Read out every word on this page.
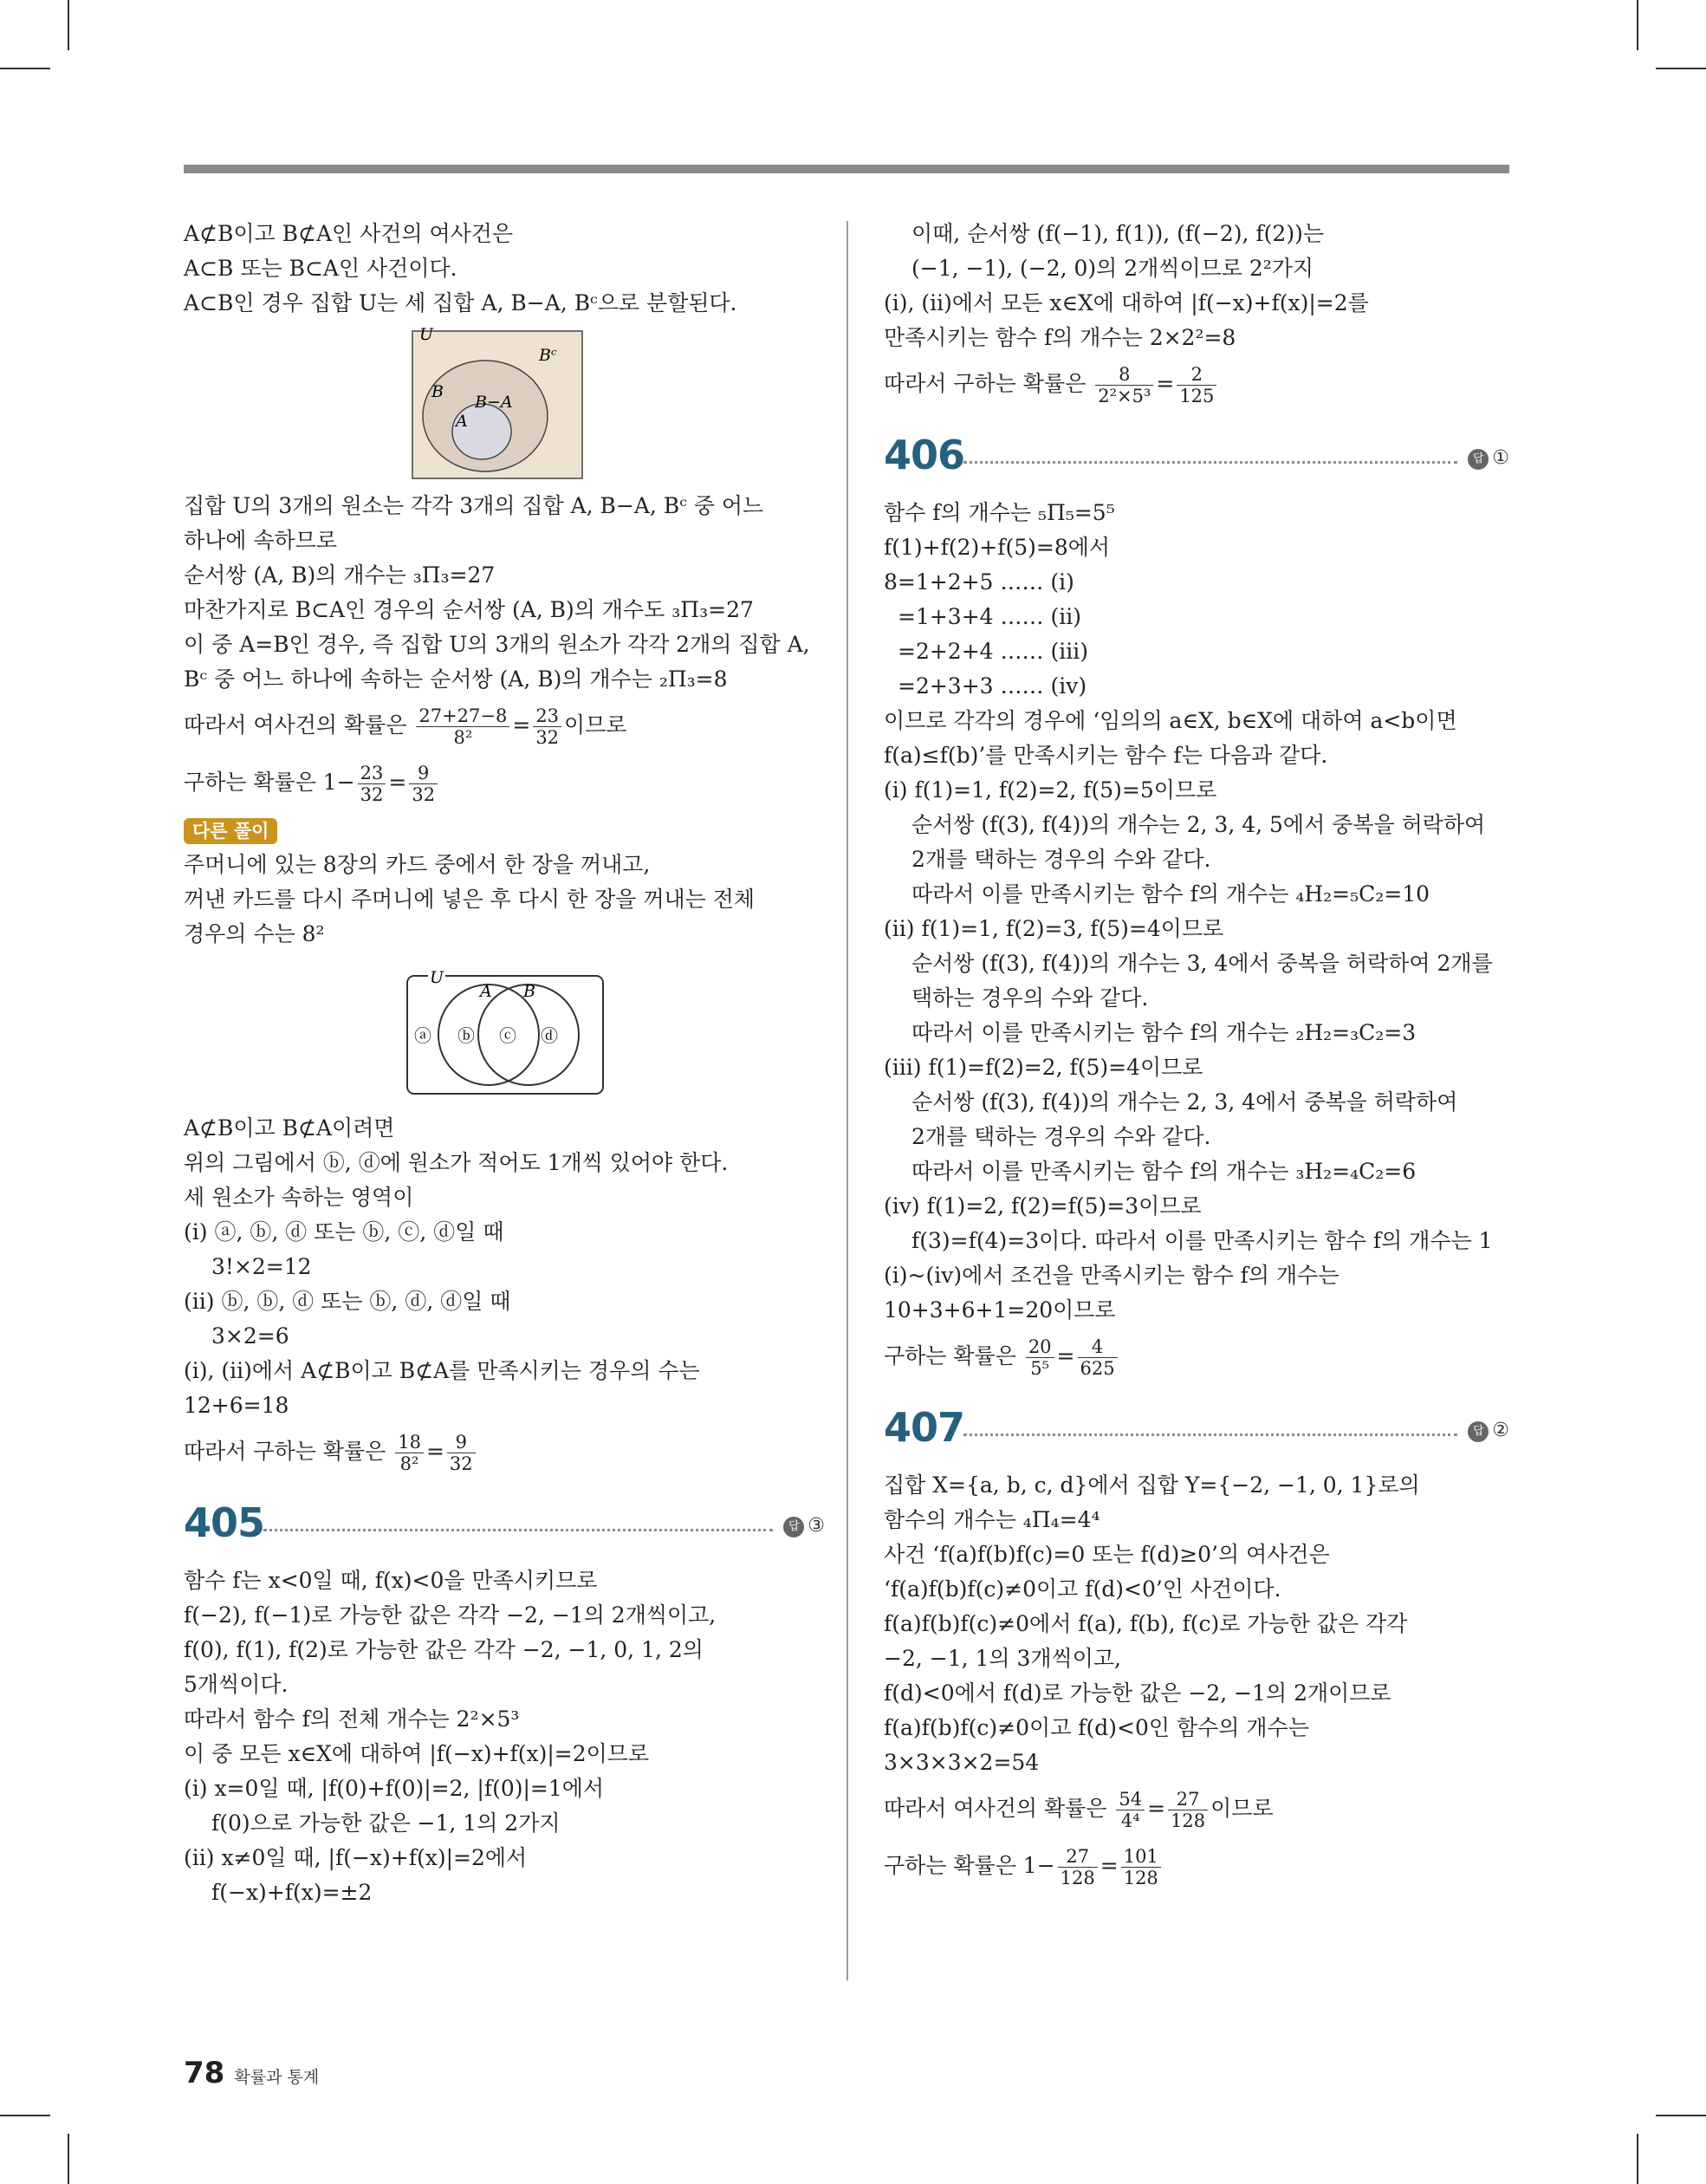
A⊄B이고 B⊄A인 사건의 여사건은
A⊂B 또는 B⊂A인 사건이다.
A⊂B인 경우 집합 U는 세 집합 A, B−A, Bᶜ으로 분할된다.
U
Bᶜ
B
B−A
A
집합 U의 3개의 원소는 각각 3개의 집합 A, B−A, Bᶜ 중 어느
하나에 속하므로
순서쌍 (A, B)의 개수는 ₃Π₃=27
마찬가지로 B⊂A인 경우의 순서쌍 (A, B)의 개수도 ₃Π₃=27
이 중 A=B인 경우, 즉 집합 U의 3개의 원소가 각각 2개의 집합 A,
Bᶜ 중 어느 하나에 속하는 순서쌍 (A, B)의 개수는 ₂Π₃=8
따라서 여사건의 확률은 $\frac{27+27-8}{\text{8²}} = \frac{23}{32}$ 이므로
구하는 확률은 $1- \frac{23}{32} = \frac{9}{32}$
다른 풀이
주머니에 있는 8장의 카드 중에서 한 장을 꺼내고,
꺼낸 카드를 다시 주머니에 넣은 후 다시 한 장을 꺼내는 전체
경우의 수는 8²
U
A B
ⓐ ⓑ ⓒ ⓓ
A⊄B이고 B⊄A이려면
위의 그림에서 ⓑ, ⓓ에 원소가 적어도 1개씩 있어야 한다.
세 원소가 속하는 영역이
(ⅰ) ⓐ, ⓑ, ⓓ 또는 ⓑ, ⓒ, ⓓ일 때
3!×2=12
(ⅱ) ⓑ, ⓑ, ⓓ 또는 ⓑ, ⓓ, ⓓ일 때
3×2=6
(ⅰ), (ⅱ)에서 A⊄B이고 B⊄A를 만족시키는 경우의 수는
12+6=18
따라서 구하는 확률은 $\frac{18}{\text{8²}} = \frac{9}{32}$
405	답 ③
함수 f는 x<0일 때, f(x)<0을 만족시키므로
f(−2), f(−1)로 가능한 값은 각각 −2, −1의 2개씩이고,
f(0), f(1), f(2)로 가능한 값은 각각 −2, −1, 0, 1, 2의
5개씩이다.
따라서 함수 f의 전체 개수는 2²×5³
이 중 모든 x∈X에 대하여 |f(−x)+f(x)|=2이므로
(ⅰ) x=0일 때, |f(0)+f(0)|=2, |f(0)|=1에서
f(0)으로 가능한 값은 −1, 1의 2가지
(ⅱ) x≠0일 때, |f(−x)+f(x)|=2에서
f(−x)+f(x)=±2
이때, 순서쌍 (f(−1), f(1)), (f(−2), f(2))는
(−1, −1), (−2, 0)의 2개씩이므로 2²가지
(ⅰ), (ⅱ)에서 모든 x∈X에 대하여 |f(−x)+f(x)|=2를
만족시키는 함수 f의 개수는 2×2²=8
따라서 구하는 확률은 $\frac{8}{\text{2²×5³}} = \frac{2}{125}$
406	답 ①
함수 f의 개수는 ₅Π₅=5⁵
f(1)+f(2)+f(5)=8에서
8=1+2+5 …… (ⅰ)
=1+3+4 …… (ⅱ)
=2+2+4 …… (ⅲ)
=2+3+3 …… (ⅳ)
이므로 각각의 경우에 ‘임의의 a∈X, b∈X에 대하여 a<b이면
f(a)≤f(b)’를 만족시키는 함수 f는 다음과 같다.
(ⅰ) f(1)=1, f(2)=2, f(5)=5이므로
순서쌍 (f(3), f(4))의 개수는 2, 3, 4, 5에서 중복을 허락하여
2개를 택하는 경우의 수와 같다.
따라서 이를 만족시키는 함수 f의 개수는 ₄H₂=₅C₂=10
(ⅱ) f(1)=1, f(2)=3, f(5)=4이므로
순서쌍 (f(3), f(4))의 개수는 3, 4에서 중복을 허락하여 2개를
택하는 경우의 수와 같다.
따라서 이를 만족시키는 함수 f의 개수는 ₂H₂=₃C₂=3
(ⅲ) f(1)=f(2)=2, f(5)=4이므로
순서쌍 (f(3), f(4))의 개수는 2, 3, 4에서 중복을 허락하여
2개를 택하는 경우의 수와 같다.
따라서 이를 만족시키는 함수 f의 개수는 ₃H₂=₄C₂=6
(ⅳ) f(1)=2, f(2)=f(5)=3이므로
f(3)=f(4)=3이다. 따라서 이를 만족시키는 함수 f의 개수는 1
(ⅰ)~(ⅳ)에서 조건을 만족시키는 함수 f의 개수는
10+3+6+1=20이므로
구하는 확률은 $\frac{20}{\text{5⁵}} = \frac{4}{625}$
407	답 ②
집합 X={a, b, c, d}에서 집합 Y={−2, −1, 0, 1}로의
함수의 개수는 ₄Π₄=4⁴
사건 ‘f(a)f(b)f(c)=0 또는 f(d)≥0’의 여사건은
‘f(a)f(b)f(c)≠0이고 f(d)<0’인 사건이다.
f(a)f(b)f(c)≠0에서 f(a), f(b), f(c)로 가능한 값은 각각
−2, −1, 1의 3개씩이고,
f(d)<0에서 f(d)로 가능한 값은 −2, −1의 2개이므로
f(a)f(b)f(c)≠0이고 f(d)<0인 함수의 개수는
3×3×3×2=54
따라서 여사건의 확률은 $\frac{54}{\text{4⁴}} = \frac{27}{128}$ 이므로
구하는 확률은 $1- \frac{27}{128} = \frac{101}{128}$
78 확률과 통계
